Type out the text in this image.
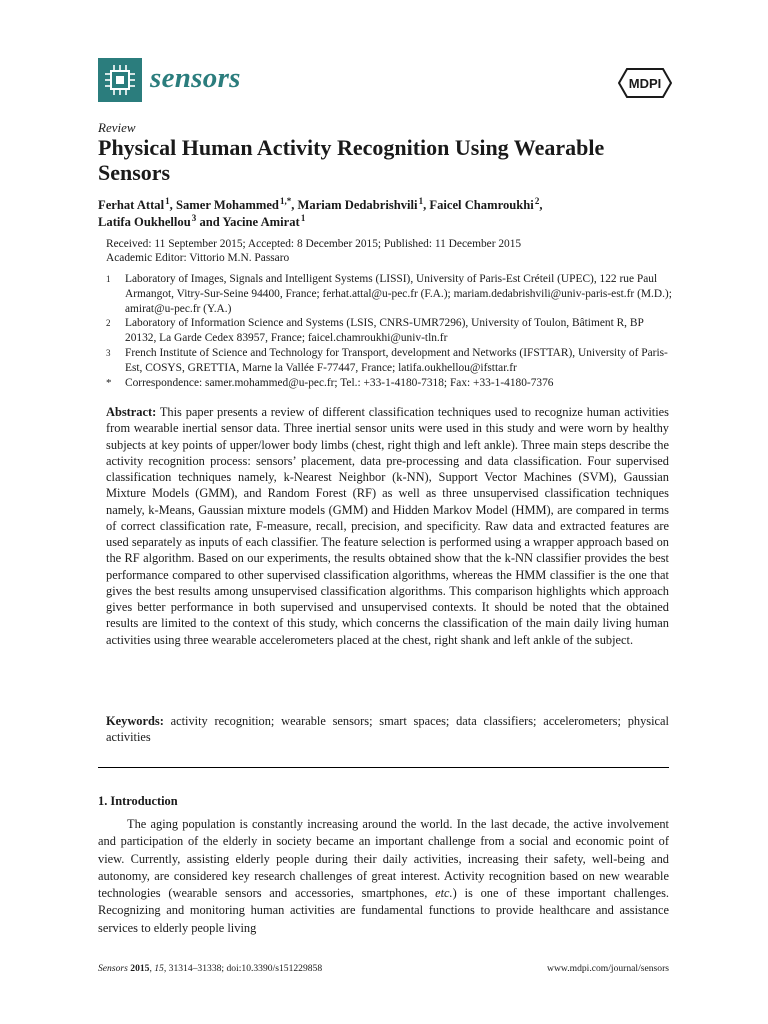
sensors	MDPI
Review
Physical Human Activity Recognition Using Wearable Sensors
Ferhat Attal $^1$, Samer Mohammed $^{1,*}$, Mariam Dedabrishvili $^1$, Faicel Chamroukhi $^2$,
Latifa Oukhellou $^3$ and Yacine Amirat $^1$
Received: 11 September 2015; Accepted: 8 December 2015; Published: 11 December 2015
Academic Editor: Vittorio M.N. Passaro
1 Laboratory of Images, Signals and Intelligent Systems (LISSI), University of Paris-Est Créteil (UPEC), 122 rue Paul Armangot, Vitry-Sur-Seine 94400, France; ferhat.attal@u-pec.fr (F.A.); mariam.dedabrishvili@univ-paris-est.fr (M.D.); amirat@u-pec.fr (Y.A.)
2 Laboratory of Information Science and Systems (LSIS, CNRS-UMR7296), University of Toulon, Bâtiment R, BP 20132, La Garde Cedex 83957, France; faicel.chamroukhi@univ-tln.fr
3 French Institute of Science and Technology for Transport, development and Networks (IFSTTAR), University of Paris-Est, COSYS, GRETTIA, Marne la Vallée F-77447, France; latifa.oukhellou@ifsttar.fr
* Correspondence: samer.mohammed@u-pec.fr; Tel.: +33-1-4180-7318; Fax: +33-1-4180-7376
Abstract: This paper presents a review of different classification techniques used to recognize human activities from wearable inertial sensor data. Three inertial sensor units were used in this study and were worn by healthy subjects at key points of upper/lower body limbs (chest, right thigh and left ankle). Three main steps describe the activity recognition process: sensors’ placement, data pre-processing and data classification. Four supervised classification techniques namely, k-Nearest Neighbor (k-NN), Support Vector Machines (SVM), Gaussian Mixture Models (GMM), and Random Forest (RF) as well as three unsupervised classification techniques namely, k-Means, Gaussian mixture models (GMM) and Hidden Markov Model (HMM), are compared in terms of correct classification rate, F-measure, recall, precision, and specificity. Raw data and extracted features are used separately as inputs of each classifier. The feature selection is performed using a wrapper approach based on the RF algorithm. Based on our experiments, the results obtained show that the k-NN classifier provides the best performance compared to other supervised classification algorithms, whereas the HMM classifier is the one that gives the best results among unsupervised classification algorithms. This comparison highlights which approach gives better performance in both supervised and unsupervised contexts. It should be noted that the obtained results are limited to the context of this study, which concerns the classification of the main daily living human activities using three wearable accelerometers placed at the chest, right shank and left ankle of the subject.
Keywords: activity recognition; wearable sensors; smart spaces; data classifiers; accelerometers; physical activities
1. Introduction
The aging population is constantly increasing around the world. In the last decade, the active involvement and participation of the elderly in society became an important challenge from a social and economic point of view. Currently, assisting elderly people during their daily activities, increasing their safety, well-being and autonomy, are considered key research challenges of great interest. Activity recognition based on new wearable technologies (wearable sensors and accessories, smartphones, etc.) is one of these important challenges. Recognizing and monitoring human activities are fundamental functions to provide healthcare and assistance services to elderly people living
Sensors 2015, 15, 31314–31338; doi:10.3390/s151229858	www.mdpi.com/journal/sensors
